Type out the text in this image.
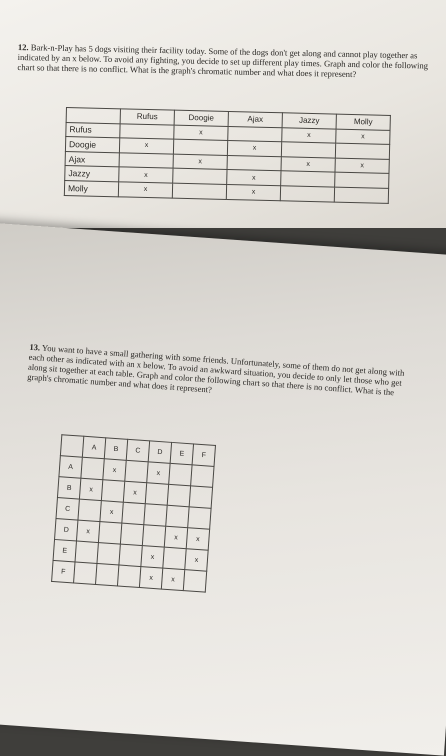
12. Bark-n-Play has 5 dogs visiting their facility today. Some of the dogs don't get along and cannot play together as indicated by an x below. To avoid any fighting, you decide to set up different play times. Graph and color the following chart so that there is no conflict. What is the graph's chromatic number and what does it represent?
	Rufus	Doogie	Ajax	Jazzy	Molly
Rufus		x		x	x
Doogie	x		x		
Ajax		x		x	x
Jazzy	x		x		
Molly	x		x		
13. You want to have a small gathering with some friends. Unfortunately, some of them do not get along with each other as indicated with an x below. To avoid an awkward situation, you decide to only let those who get along sit together at each table. Graph and color the following chart so that there is no conflict. What is the graph's chromatic number and what does it represent?
	A	B	C	D	E	F
A		x		x		
B	x		x			
C		x				
D	x				x	x
E				x		x
F				x	x	
